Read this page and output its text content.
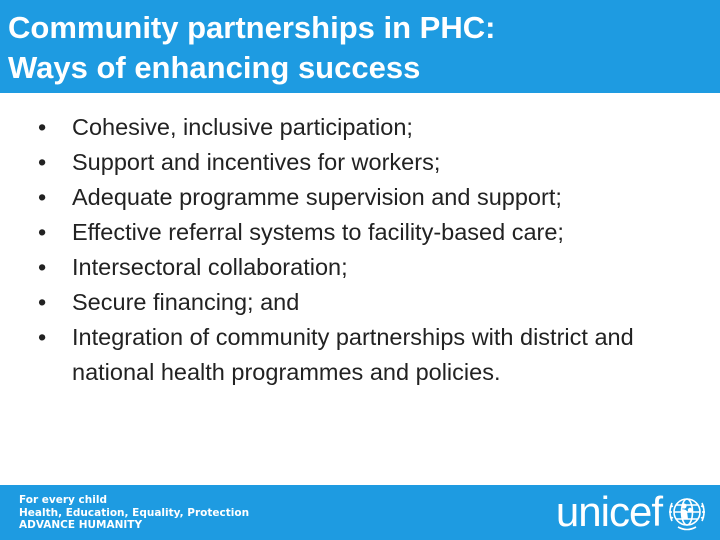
Community partnerships in PHC:
Ways of enhancing success
•	Cohesive, inclusive participation;
•	Support and incentives for workers;
•	Adequate programme supervision and support;
•	Effective referral systems to facility-based care;
•	Intersectoral collaboration;
•	Secure financing; and
•	Integration of community partnerships with district and national health programmes and policies.
For every child
Health, Education, Equality, Protection
ADVANCE HUMANITY	unicef
